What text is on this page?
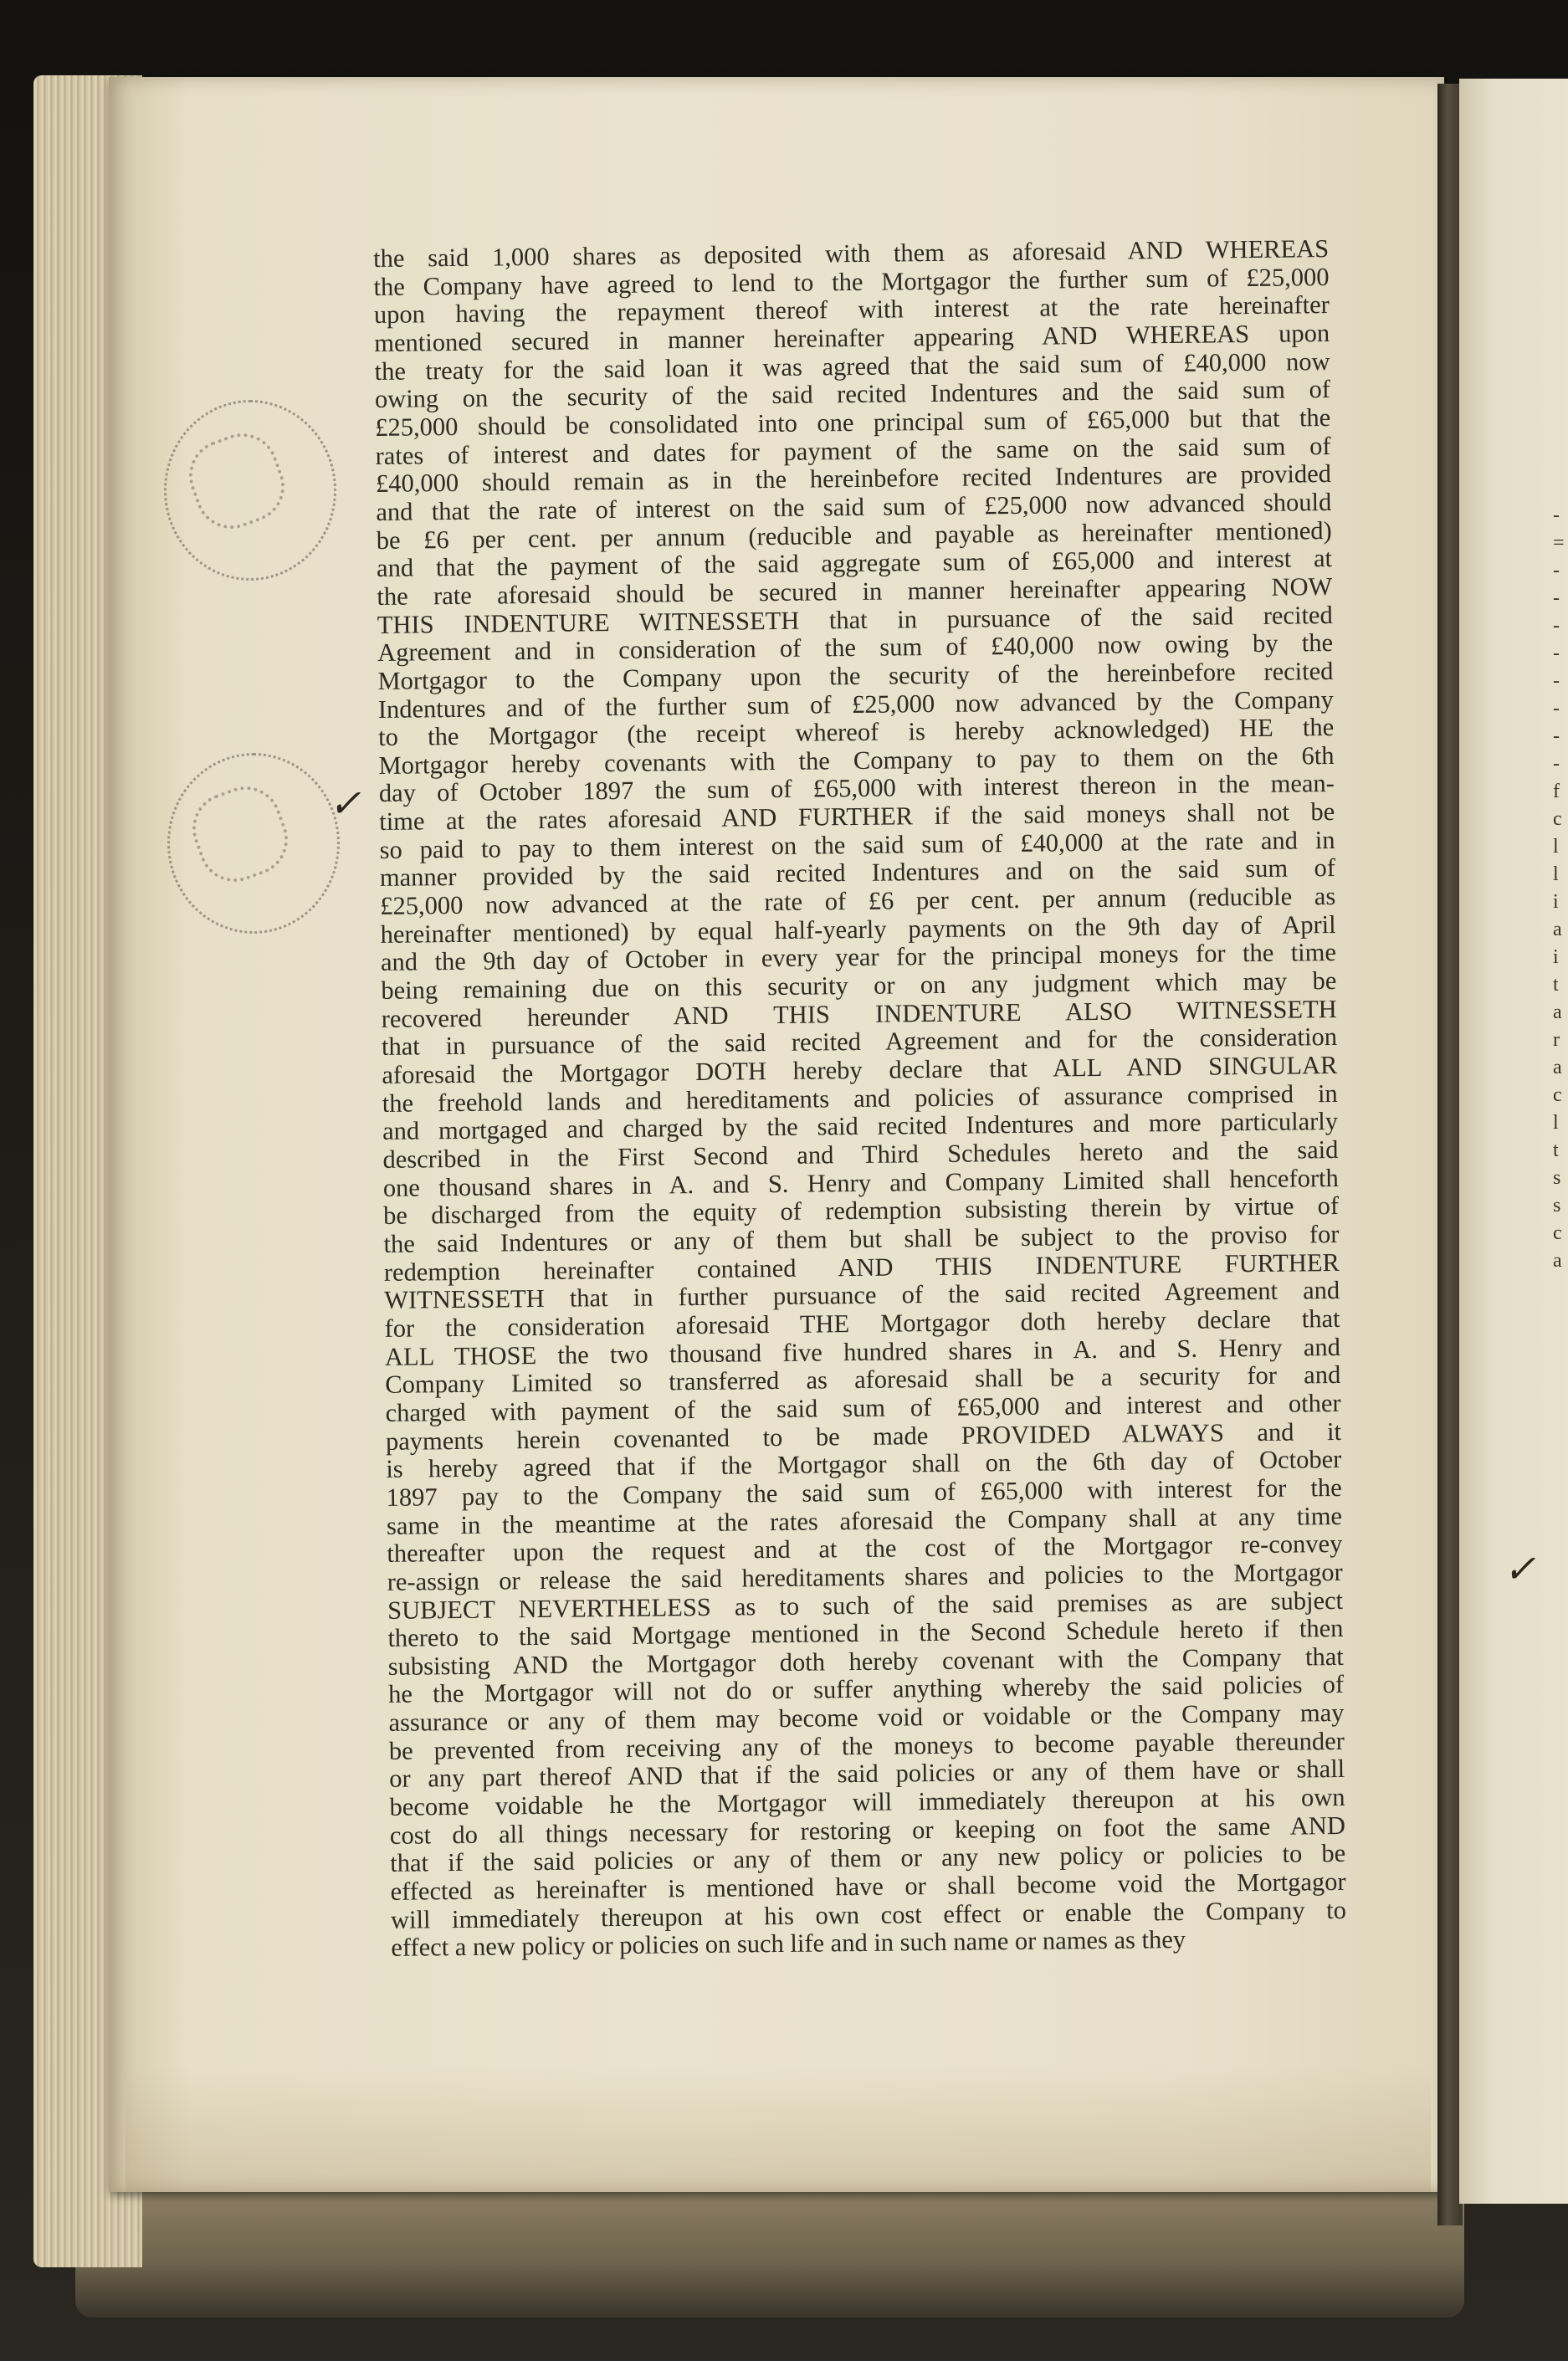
-
=
-
-
-
-
-
-
-
-
f
c
l
l
i
a
i
t
a
r
a
c
l
t
s
s
c
a
✓
✓
the said 1,000 shares as deposited with them as aforesaid AND WHEREAS
the Company have agreed to lend to the Mortgagor the further sum of £25,000
upon having the repayment thereof with interest at the rate hereinafter
mentioned secured in manner hereinafter appearing AND WHEREAS upon
the treaty for the said loan it was agreed that the said sum of £40,000 now
owing on the security of the said recited Indentures and the said sum of
£25,000 should be consolidated into one principal sum of £65,000 but that the
rates of interest and dates for payment of the same on the said sum of
£40,000 should remain as in the hereinbefore recited Indentures are provided
and that the rate of interest on the said sum of £25,000 now advanced should
be £6 per cent. per annum (reducible and payable as hereinafter mentioned)
and that the payment of the said aggregate sum of £65,000 and interest at
the rate aforesaid should be secured in manner hereinafter appearing NOW
THIS INDENTURE WITNESSETH that in pursuance of the said recited
Agreement and in consideration of the sum of £40,000 now owing by the
Mortgagor to the Company upon the security of the hereinbefore recited
Indentures and of the further sum of £25,000 now advanced by the Company
to the Mortgagor (the receipt whereof is hereby acknowledged) HE the
Mortgagor hereby covenants with the Company to pay to them on the 6th
day of October 1897 the sum of £65,000 with interest thereon in the mean-
time at the rates aforesaid AND FURTHER if the said moneys shall not be
so paid to pay to them interest on the said sum of £40,000 at the rate and in
manner provided by the said recited Indentures and on the said sum of
£25,000 now advanced at the rate of £6 per cent. per annum (reducible as
hereinafter mentioned) by equal half-yearly payments on the 9th day of April
and the 9th day of October in every year for the principal moneys for the time
being remaining due on this security or on any judgment which may be
recovered hereunder AND THIS INDENTURE ALSO WITNESSETH
that in pursuance of the said recited Agreement and for the consideration
aforesaid the Mortgagor DOTH hereby declare that ALL AND SINGULAR
the freehold lands and hereditaments and policies of assurance comprised in
and mortgaged and charged by the said recited Indentures and more particularly
described in the First Second and Third Schedules hereto and the said
one thousand shares in A. and S. Henry and Company Limited shall henceforth
be discharged from the equity of redemption subsisting therein by virtue of
the said Indentures or any of them but shall be subject to the proviso for
redemption hereinafter contained AND THIS INDENTURE FURTHER
WITNESSETH that in further pursuance of the said recited Agreement and
for the consideration aforesaid THE Mortgagor doth hereby declare that
ALL THOSE the two thousand five hundred shares in A. and S. Henry and
Company Limited so transferred as aforesaid shall be a security for and
charged with payment of the said sum of £65,000 and interest and other
payments herein covenanted to be made PROVIDED ALWAYS and it
is hereby agreed that if the Mortgagor shall on the 6th day of October
1897 pay to the Company the said sum of £65,000 with interest for the
same in the meantime at the rates aforesaid the Company shall at any time
thereafter upon the request and at the cost of the Mortgagor re-convey
re-assign or release the said hereditaments shares and policies to the Mortgagor
SUBJECT NEVERTHELESS as to such of the said premises as are subject
thereto to the said Mortgage mentioned in the Second Schedule hereto if then
subsisting AND the Mortgagor doth hereby covenant with the Company that
he the Mortgagor will not do or suffer anything whereby the said policies of
assurance or any of them may become void or voidable or the Company may
be prevented from receiving any of the moneys to become payable thereunder
or any part thereof AND that if the said policies or any of them have or shall
become voidable he the Mortgagor will immediately thereupon at his own
cost do all things necessary for restoring or keeping on foot the same AND
that if the said policies or any of them or any new policy or policies to be
effected as hereinafter is mentioned have or shall become void the Mortgagor
will immediately thereupon at his own cost effect or enable the Company to
effect a new policy or policies on such life and in such name or names as they
